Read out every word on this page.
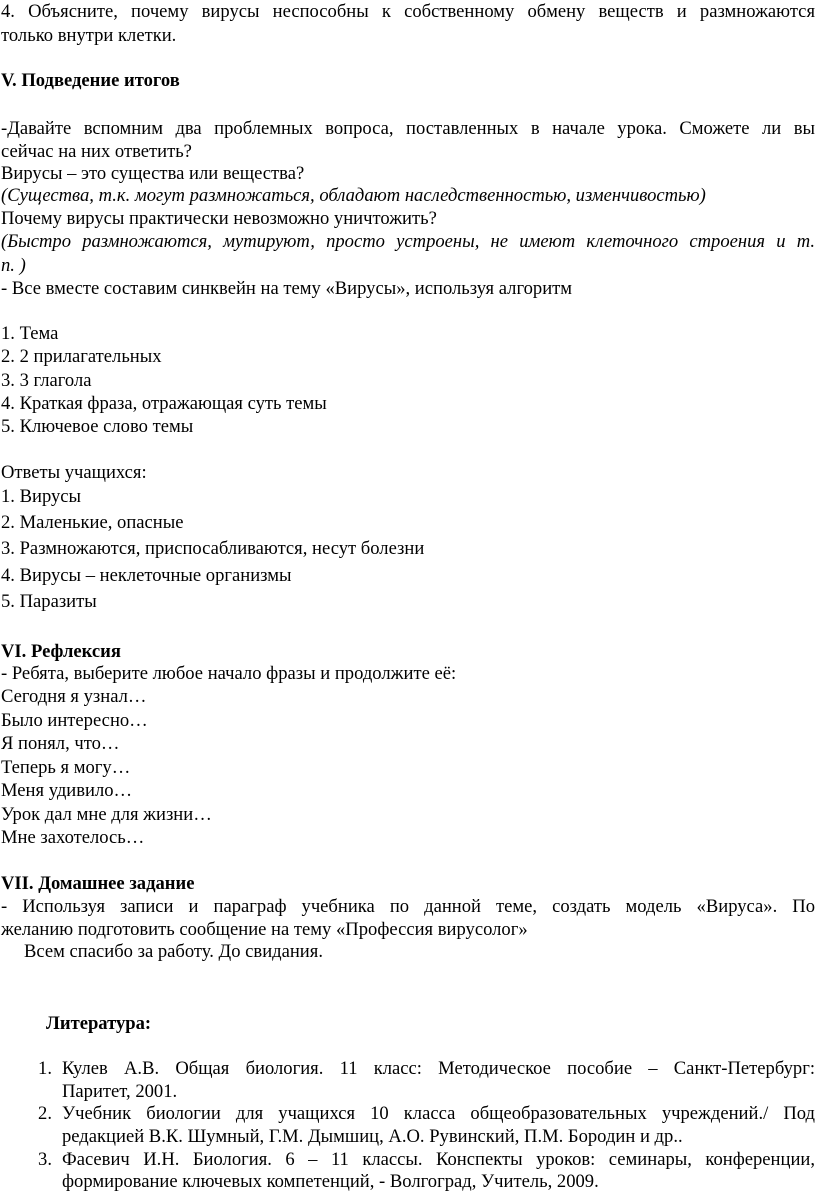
4. Объясните, почему вирусы неспособны к собственному обмену веществ и размножаются
только внутри клетки.
V. Подведение итогов
-Давайте вспомним два проблемных вопроса, поставленных в начале урока. Сможете ли вы
сейчас на них ответить?
Вирусы – это существа или вещества?
(Существа, т.к. могут размножаться, обладают наследственностью, изменчивостью)
Почему вирусы практически невозможно уничтожить?
(Быстро размножаются, мутируют, просто устроены, не имеют клеточного строения и т.
п. )
- Все вместе составим синквейн на тему «Вирусы», используя алгоритм
1. Тема
2. 2 прилагательных
3. 3 глагола
4. Краткая фраза, отражающая суть темы
5. Ключевое слово темы
Ответы учащихся:
1. Вирусы
2. Маленькие, опасные
3. Размножаются, приспосабливаются, несут болезни
4. Вирусы – неклеточные организмы
5. Паразиты
VI. Рефлексия
- Ребята, выберите любое начало фразы и продолжите её:
Сегодня я узнал…
Было интересно…
Я понял, что…
Теперь я могу…
Меня удивило…
Урок дал мне для жизни…
Мне захотелось…
VII. Домашнее задание
- Используя записи и параграф учебника по данной теме, создать модель «Вируса». По
желанию подготовить сообщение на тему «Профессия вирусолог»
Всем спасибо за работу. До свидания.
Литература:
1. Кулев А.В. Общая биология. 11 класс: Методическое пособие – Санкт-Петербург:
Паритет, 2001.
2. Учебник биологии для учащихся 10 класса общеобразовательных учреждений./ Под
редакцией В.К. Шумный, Г.М. Дымшиц, А.О. Рувинский, П.М. Бородин и др..
3. Фасевич И.Н. Биология. 6 – 11 классы. Конспекты уроков: семинары, конференции,
формирование ключевых компетенций, - Волгоград, Учитель, 2009.
